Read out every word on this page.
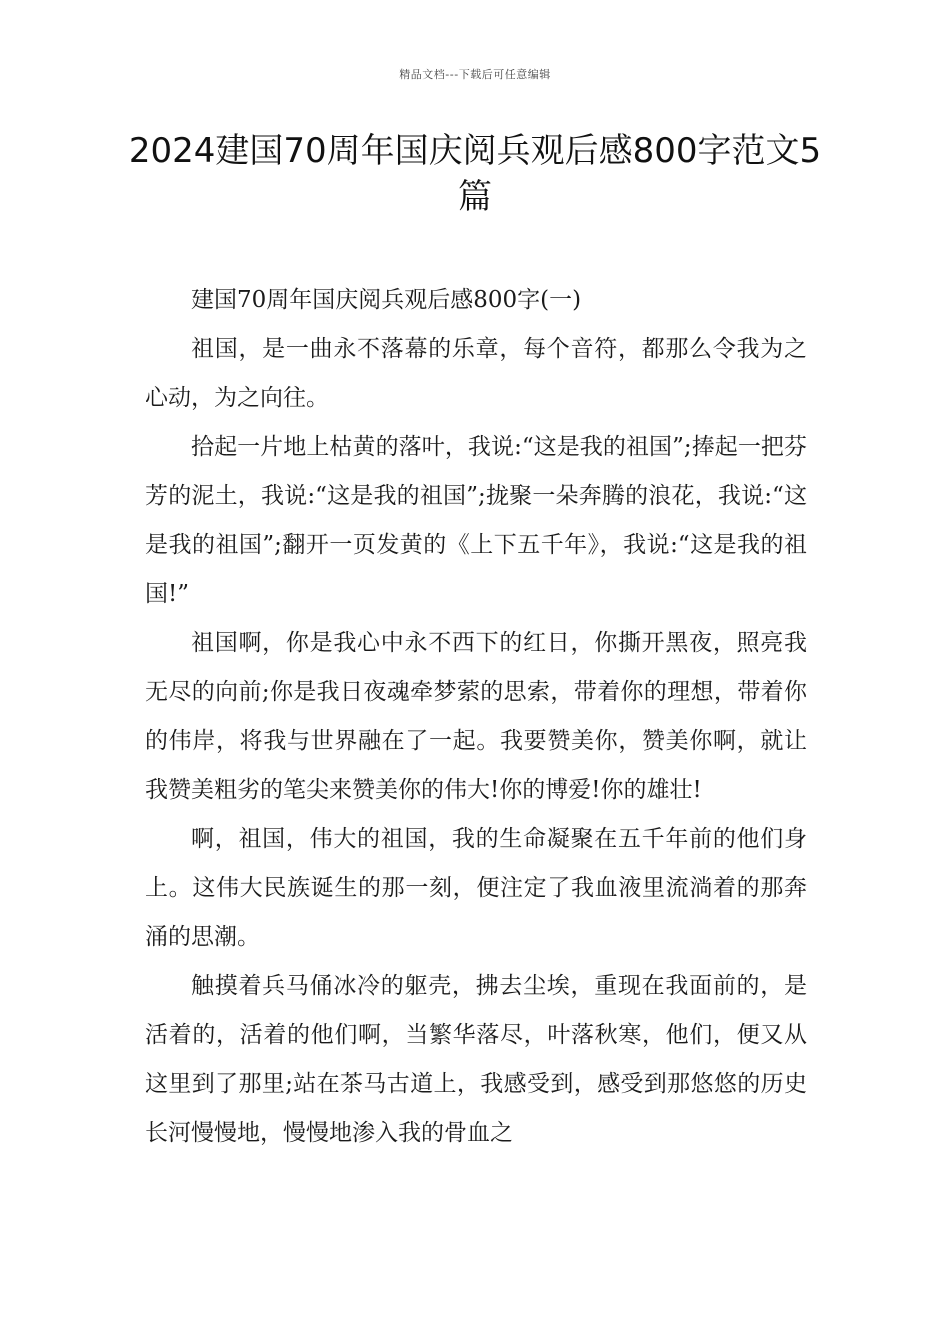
精品文档---下载后可任意编辑
2024建国70周年国庆阅兵观后感800字范文5篇

建国70周年国庆阅兵观后感800字(一)

祖国，是一曲永不落幕的乐章，每个音符，都那么令我为之心动，为之向往。

拾起一片地上枯黄的落叶，我说:“这是我的祖国”;捧起一把芬芳的泥土，我说:“这是我的祖国”;拢聚一朵奔腾的浪花，我说:“这是我的祖国”;翻开一页发黄的《上下五千年》，我说:“这是我的祖国!”

祖国啊，你是我心中永不西下的红日，你撕开黑夜，照亮我无尽的向前;你是我日夜魂牵梦萦的思索，带着你的理想，带着你的伟岸，将我与世界融在了一起。我要赞美你，赞美你啊，就让我赞美粗劣的笔尖来赞美你的伟大!你的博爱!你的雄壮!

啊，祖国，伟大的祖国，我的生命凝聚在五千年前的他们身上。这伟大民族诞生的那一刻，便注定了我血液里流淌着的那奔涌的思潮。

触摸着兵马俑冰冷的躯壳，拂去尘埃，重现在我面前的，是活着的，活着的他们啊，当繁华落尽，叶落秋寒，他们，便又从这里到了那里;站在茶马古道上，我感受到，感受到那悠悠的历史长河慢慢地，慢慢地渗入我的骨血之
